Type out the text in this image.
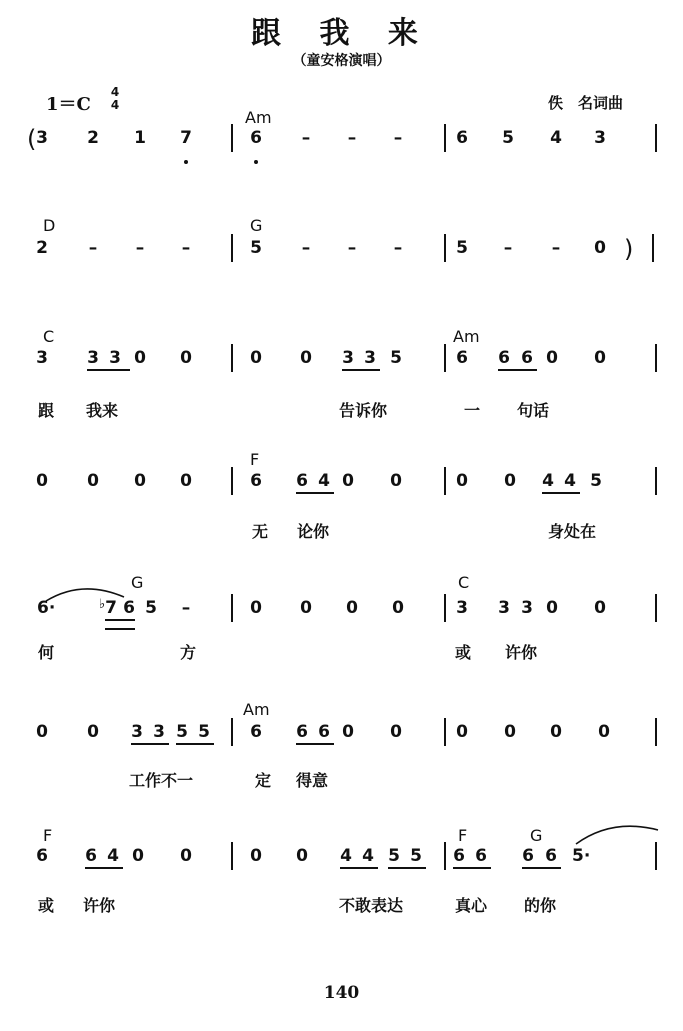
跟 我 来
（童安格演唱）
1＝C
4
4	佚　名词曲
Am
3 2 1 7	6 – – –	6 5 4 3
D	G
2 – – –	5 – – –	5 – – 0
C	Am
3 3 3 0 0	0 0 3 3 5	6 6 6 0 0
跟 我来	告诉你	一 句话
F
0 0 0 0	6 6 4 0 0	0 0 4 4 5
无 论你	身处在
G	C
6·	7 6 5 –	0 0 0 0	3 3 3 0 0
何	方	或 许你
Am
0 0 3 3 5 5 6 6 6 0 0	0 0 0 0
工作不一	定 得意
F	F	G
6 6 4 0 0	0 0 4 4 5 5 6 6 6 6 5·
或 许你	不敢表达	真心 的你
(
)
♭
140
